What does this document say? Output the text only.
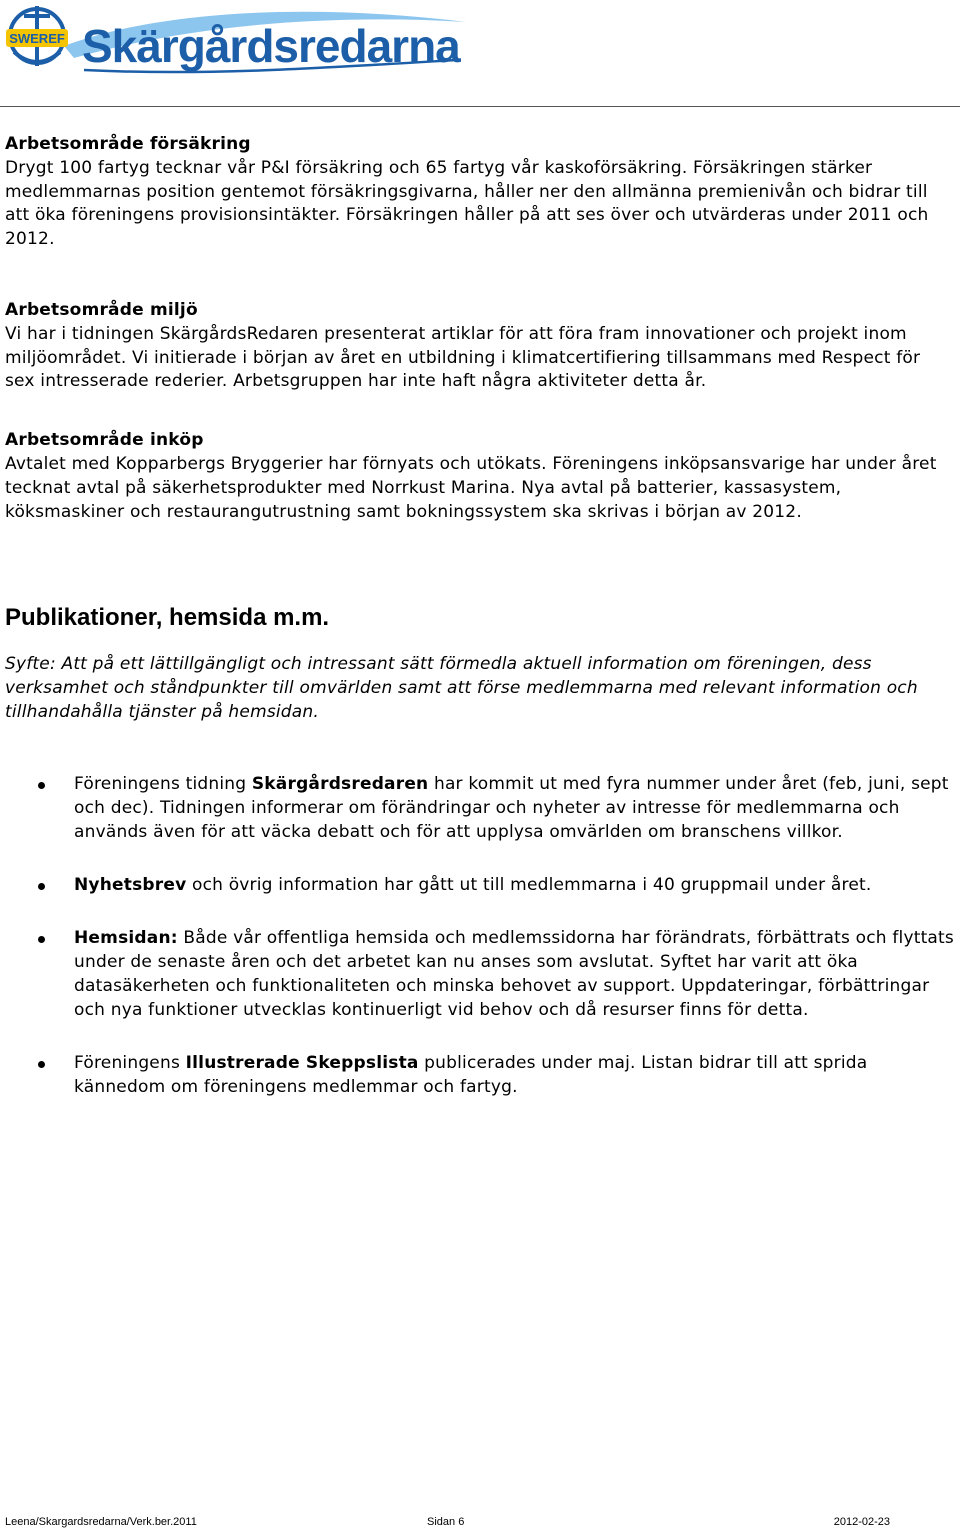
SWEREF Skärgårdsredarna

Arbetsområde försäkring

Drygt 100 fartyg tecknar vår P&I försäkring och 65 fartyg vår kaskoförsäkring. Försäkringen stärker medlemmarnas position gentemot försäkringsgivarna, håller ner den allmänna premienivån och bidrar till att öka föreningens provisionsintäkter. Försäkringen håller på att ses över och utvärderas under 2011 och 2012.

Arbetsområde miljö

Vi har i tidningen SkärgårdsRedaren presenterat artiklar för att föra fram innovationer och projekt inom miljöområdet. Vi initierade i början av året en utbildning i klimatcertifiering tillsammans med Respect för sex intresserade rederier. Arbetsgruppen har inte haft några aktiviteter detta år.

Arbetsområde inköp

Avtalet med Kopparbergs Bryggerier har förnyats och utökats. Föreningens inköpsansvarige har under året tecknat avtal på säkerhetsprodukter med Norrkust Marina. Nya avtal på batterier, kassasystem, köksmaskiner och restaurangutrustning samt bokningssystem ska skrivas i början av 2012.

Publikationer, hemsida m.m.

Syfte: Att på ett lättillgängligt och intressant sätt förmedla aktuell information om föreningen, dess verksamhet och ståndpunkter till omvärlden samt att förse medlemmarna med relevant information och tillhandahålla tjänster på hemsidan.

Föreningens tidning Skärgårdsredaren har kommit ut med fyra nummer under året (feb, juni, sept och dec). Tidningen informerar om förändringar och nyheter av intresse för medlemmarna och används även för att väcka debatt och för att upplysa omvärlden om branschens villkor.
Nyhetsbrev och övrig information har gått ut till medlemmarna i 40 gruppmail under året.
Hemsidan: Både vår offentliga hemsida och medlemssidorna har förändrats, förbättrats och flyttats under de senaste åren och det arbetet kan nu anses som avslutat. Syftet har varit att öka datasäkerheten och funktionaliteten och minska behovet av support. Uppdateringar, förbättringar och nya funktioner utvecklas kontinuerligt vid behov och då resurser finns för detta.
Föreningens Illustrerade Skeppslista publicerades under maj. Listan bidrar till att sprida kännedom om föreningens medlemmar och fartyg.
Leena/Skargardsredarna/Verk.ber.2011	Sidan 6	2012-02-23
